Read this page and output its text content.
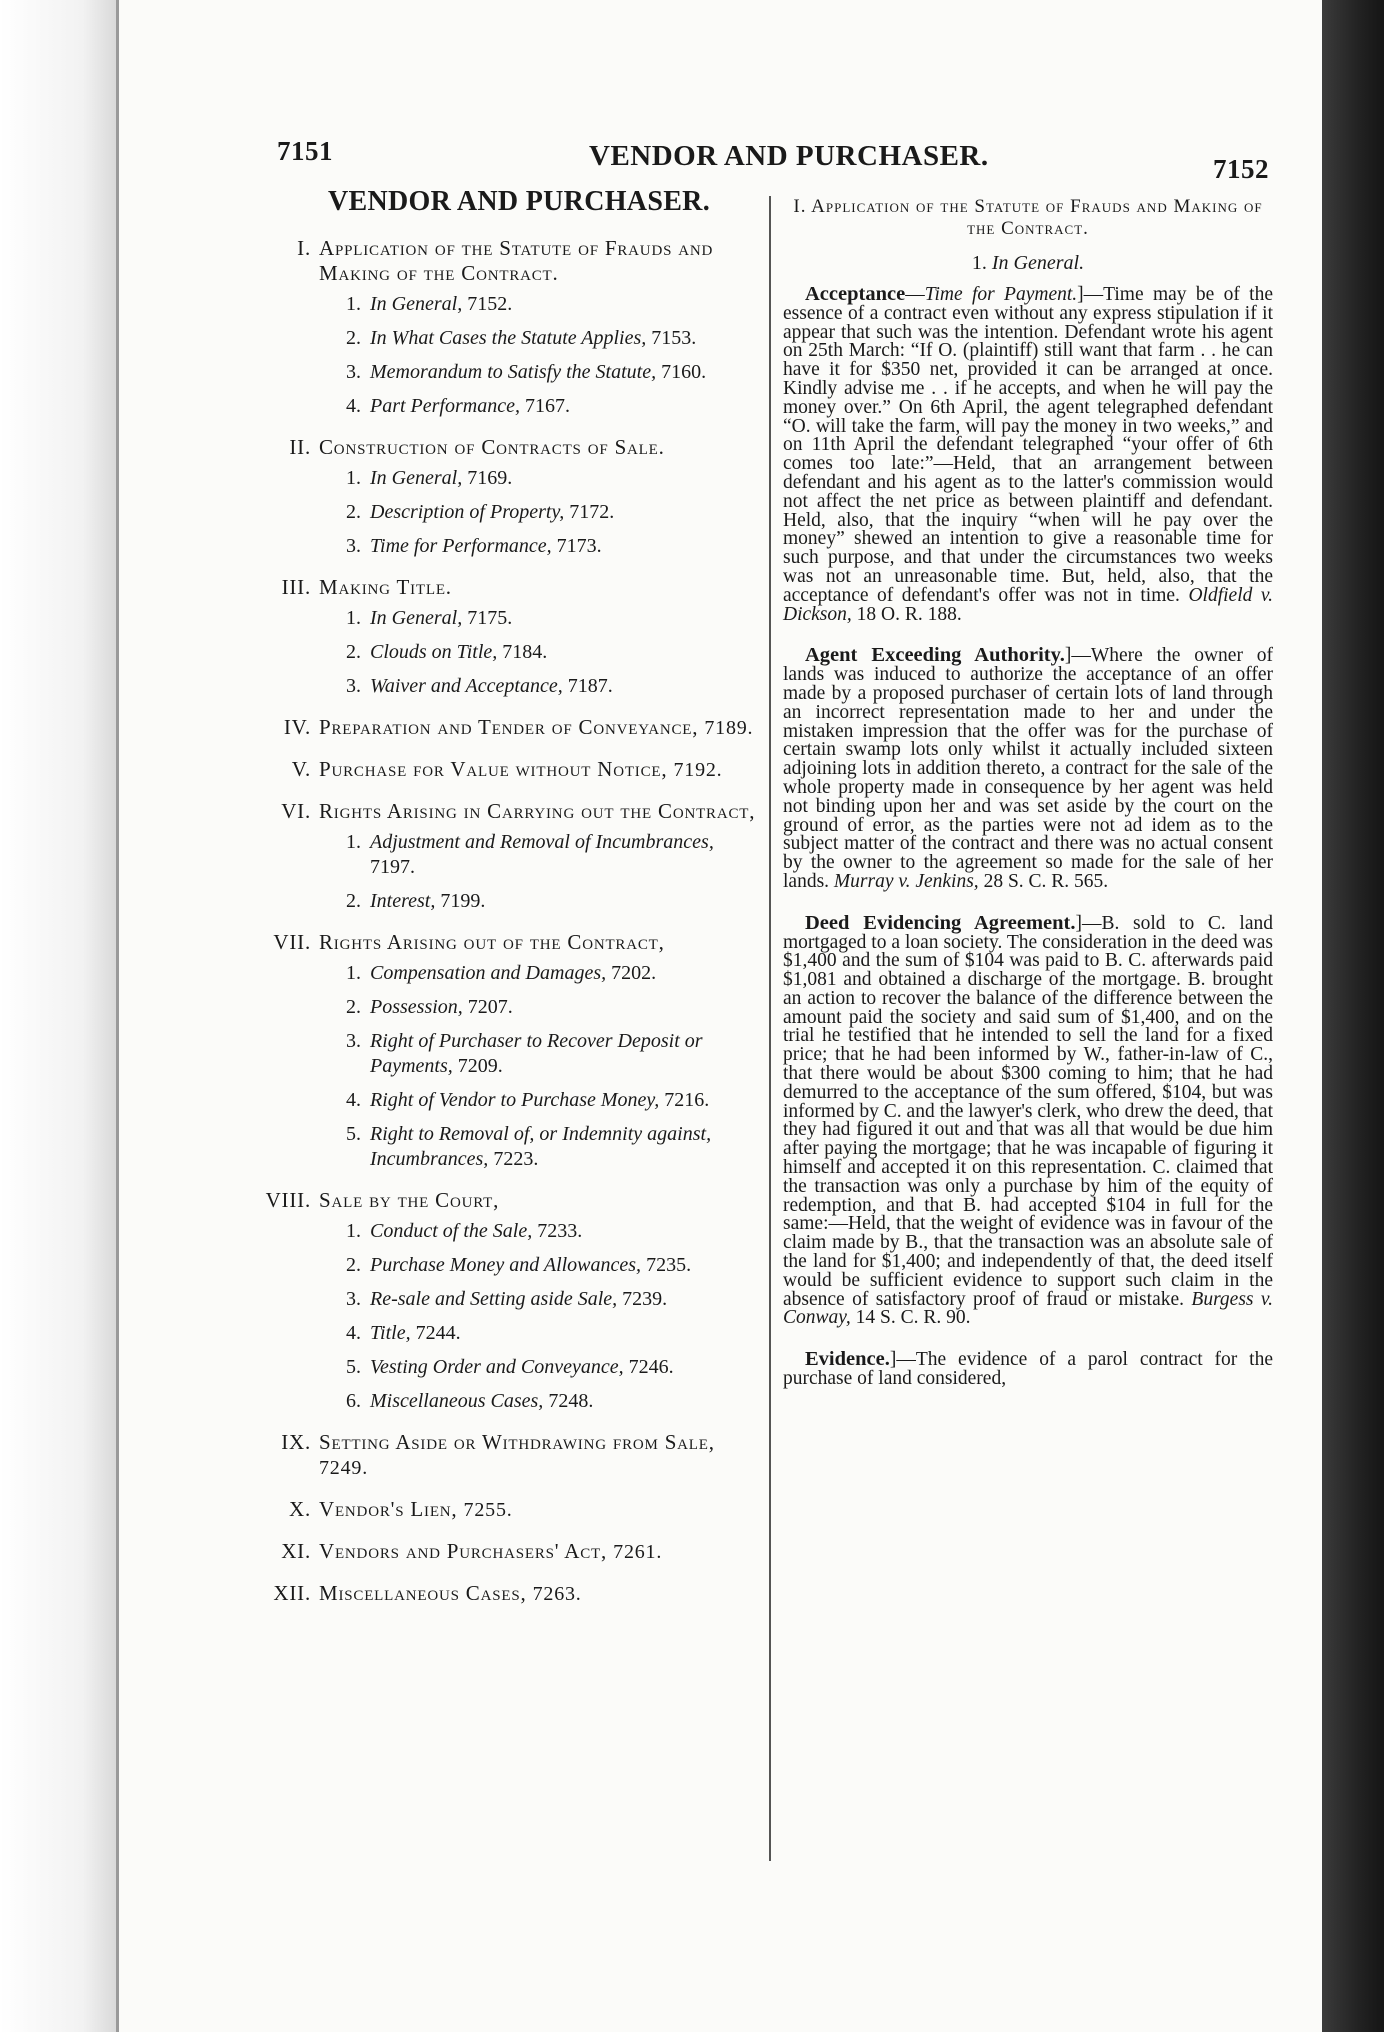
7151	VENDOR AND PURCHASER.	7152
VENDOR AND PURCHASER.
I. Application of the Statute of Frauds and Making of the Contract.
1. In General, 7152.
2. In What Cases the Statute Applies, 7153.
3. Memorandum to Satisfy the Statute, 7160.
4. Part Performance, 7167.
II. Construction of Contracts of Sale.
1. In General, 7169.
2. Description of Property, 7172.
3. Time for Performance, 7173.
III. Making Title.
1. In General, 7175.
2. Clouds on Title, 7184.
3. Waiver and Acceptance, 7187.
IV. Preparation and Tender of Conveyance, 7189.
V. Purchase for Value without Notice, 7192.
VI. Rights Arising in Carrying out the Contract,
1. Adjustment and Removal of Incumbrances, 7197.
2. Interest, 7199.
VII. Rights Arising out of the Contract,
1. Compensation and Damages, 7202.
2. Possession, 7207.
3. Right of Purchaser to Recover Deposit or Payments, 7209.
4. Right of Vendor to Purchase Money, 7216.
5. Right to Removal of, or Indemnity against, Incumbrances, 7223.
VIII. Sale by the Court,
1. Conduct of the Sale, 7233.
2. Purchase Money and Allowances, 7235.
3. Re-sale and Setting aside Sale, 7239.
4. Title, 7244.
5. Vesting Order and Conveyance, 7246.
6. Miscellaneous Cases, 7248.
IX. Setting Aside or Withdrawing from Sale, 7249.
X. Vendor's Lien, 7255.
XI. Vendors and Purchasers' Act, 7261.
XII. Miscellaneous Cases, 7263.
I. Application of the Statute of Frauds and Making of the Contract.
1. In General.

Acceptance—Time for Payment.]—Time may be of the essence of a contract even without any express stipulation if it appear that such was the intention. Defendant wrote his agent on 25th March: “If O. (plaintiff) still want that farm . . he can have it for $350 net, provided it can be arranged at once. Kindly advise me . . if he accepts, and when he will pay the money over.” On 6th April, the agent telegraphed defendant “O. will take the farm, will pay the money in two weeks,” and on 11th April the defendant telegraphed “your offer of 6th comes too late:”—Held, that an arrangement between defendant and his agent as to the latter's commission would not affect the net price as between plaintiff and defendant. Held, also, that the inquiry “when will he pay over the money” shewed an intention to give a reasonable time for such purpose, and that under the circumstances two weeks was not an unreasonable time. But, held, also, that the acceptance of defendant's offer was not in time. Oldfield v. Dickson, 18 O. R. 188.

Agent Exceeding Authority.]—Where the owner of lands was induced to authorize the acceptance of an offer made by a proposed purchaser of certain lots of land through an incorrect representation made to her and under the mistaken impression that the offer was for the purchase of certain swamp lots only whilst it actually included sixteen adjoining lots in addition thereto, a contract for the sale of the whole property made in consequence by her agent was held not binding upon her and was set aside by the court on the ground of error, as the parties were not ad idem as to the subject matter of the contract and there was no actual consent by the owner to the agreement so made for the sale of her lands. Murray v. Jenkins, 28 S. C. R. 565.

Deed Evidencing Agreement.]—B. sold to C. land mortgaged to a loan society. The consideration in the deed was $1,400 and the sum of $104 was paid to B. C. afterwards paid $1,081 and obtained a discharge of the mortgage. B. brought an action to recover the balance of the difference between the amount paid the society and said sum of $1,400, and on the trial he testified that he intended to sell the land for a fixed price; that he had been informed by W., father-in-law of C., that there would be about $300 coming to him; that he had demurred to the acceptance of the sum offered, $104, but was informed by C. and the lawyer's clerk, who drew the deed, that they had figured it out and that was all that would be due him after paying the mortgage; that he was incapable of figuring it himself and accepted it on this representation. C. claimed that the transaction was only a purchase by him of the equity of redemption, and that B. had accepted $104 in full for the same:—Held, that the weight of evidence was in favour of the claim made by B., that the transaction was an absolute sale of the land for $1,400; and independently of that, the deed itself would be sufficient evidence to support such claim in the absence of satisfactory proof of fraud or mistake. Burgess v. Conway, 14 S. C. R. 90.

Evidence.]—The evidence of a parol contract for the purchase of land considered,
